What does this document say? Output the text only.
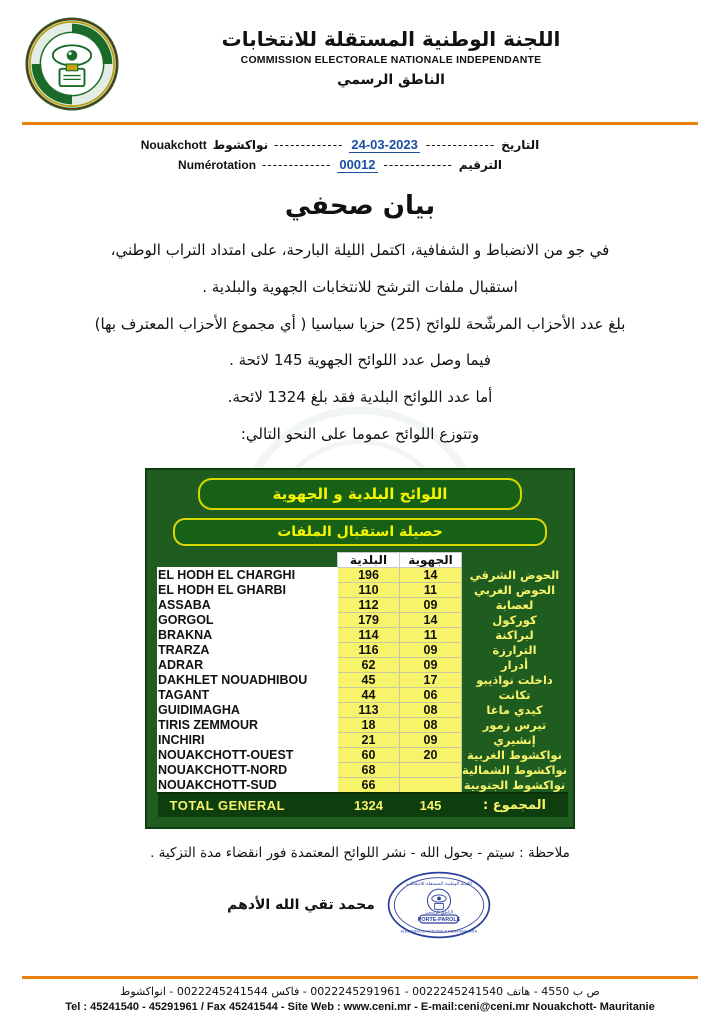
اللجنة الوطنية المستقلة للانتخابات
COMMISSION ELECTORALE NATIONALE INDEPENDANTE
الناطق الرسمي
التاريخ
-------------
24-03-2023
-------------
نواكشوط
Nouakchott
الترقيم
-------------
00012
-------------
Numérotation
بيان صحفي
في جو من الانضباط و الشفافية، اكتمل الليلة البارحة، على امتداد التراب الوطني،
استقبال ملفات الترشح للانتخابات الجهوية والبلدية .
بلغ عدد الأحزاب المرشّحة للوائح (25) حزبا سياسيا ( أي مجموع الأحزاب المعترف بها)
فيما وصل عدد اللوائح الجهوية 145 لائحة .
أما عدد اللوائح البلدية فقد بلغ 1324 لائحة.
وتتوزع اللوائح عموما على النحو التالي:
اللوائح البلدية و الجهوية
حصيلة استقبال الملفات
	البلدية	الجهوية	
EL HODH EL CHARGHI	196	14	الحوض الشرقي
EL HODH EL GHARBI	110	11	الحوض الغربي
ASSABA	112	09	لعصابة
GORGOL	179	14	كوركول
BRAKNA	114	11	لبراكنة
TRARZA	116	09	الترارزة
ADRAR	62	09	أدرار
DAKHLET NOUADHIBOU	45	17	داخلت نواذيبو
TAGANT	44	06	تكانت
GUIDIMAGHA	113	08	كيدي ماغا
TIRIS ZEMMOUR	18	08	تيرس زمور
INCHIRI	21	09	إنشيري
NOUAKCHOTT-OUEST	60	20	نواكشوط الغربية
NOUAKCHOTT-NORD	68		نواكشوط الشمالية
NOUAKCHOTT-SUD	66		نواكشوط الجنوبية
TOTAL GENERAL	1324	145	المجموع :
ملاحظة : سيتم - بحول الله - نشر اللوائح المعتمدة فور انقضاء مدة التزكية .
PORTE-PAROLE
اللجنة الوطنية المستقلة للانتخابات
الناطق الرسمي
ELECTORALE NATIONALE INDEPENDANTE
محمد تقي الله الأدهم
ص ب 4550 - هاتف 0022245241540 - 0022245291961 - فاكس 0022245241544 - انواكشوط
Tel : 45241540 - 45291961 / Fax 45241544 - Site Web : www.ceni.mr - E-mail:ceni@ceni.mr Nouakchott- Mauritanie
